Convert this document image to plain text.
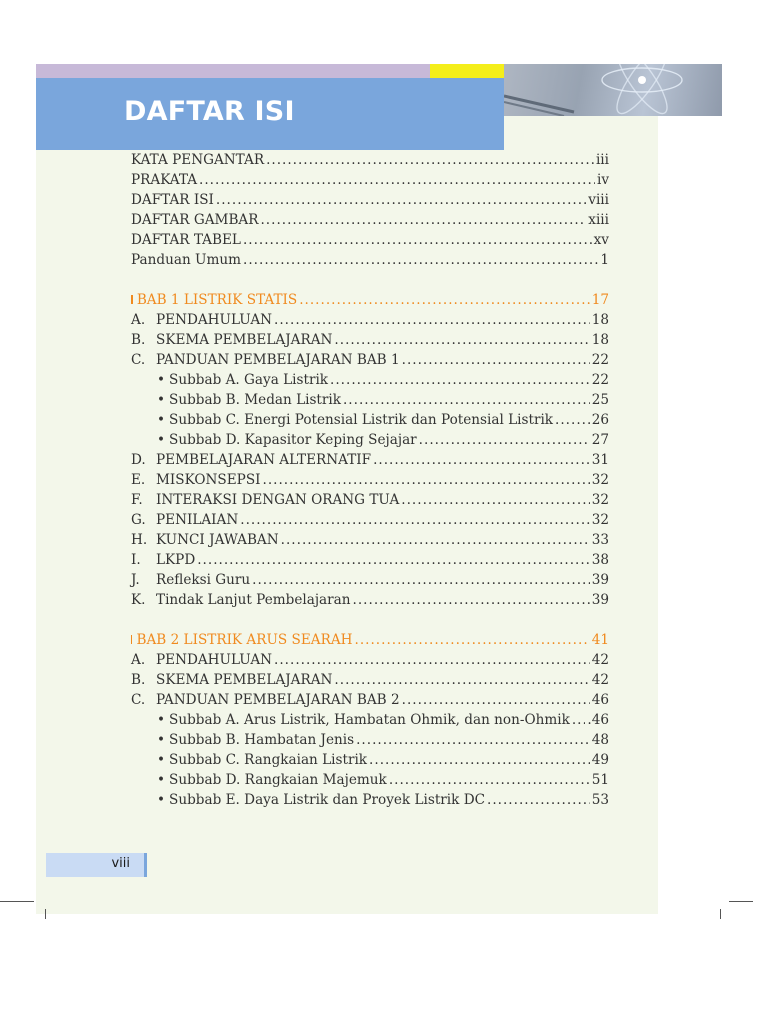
DAFTAR ISI
KATA PENGANTAR .....	iii
PRAKATA .....	iv
DAFTAR ISI .....	viii
DAFTAR GAMBAR .....	xiii
DAFTAR TABEL .....	xv
Panduan Umum .....	1
BAB 1 LISTRIK STATIS .....	17
A. PENDAHULUAN .....	18
B. SKEMA PEMBELAJARAN .....	18
C. PANDUAN PEMBELAJARAN BAB 1 .....	22
• Subbab A. Gaya Listrik .....	22
• Subbab B. Medan Listrik .....	25
• Subbab C. Energi Potensial Listrik dan Potensial Listrik .....	26
• Subbab D. Kapasitor Keping Sejajar .....	27
D. PEMBELAJARAN ALTERNATIF .....	31
E. MISKONSEPSI .....	32
F. INTERAKSI DENGAN ORANG TUA .....	32
G. PENILAIAN .....	32
H. KUNCI JAWABAN .....	33
I.	LKPD .....	38
J.	Refleksi Guru .....	39
K. Tindak Lanjut Pembelajaran .....	39
BAB 2 LISTRIK ARUS SEARAH .....	41
A. PENDAHULUAN .....	42
B. SKEMA PEMBELAJARAN .....	42
C. PANDUAN PEMBELAJARAN BAB 2 .....	46
• Subbab A. Arus Listrik, Hambatan Ohmik, dan non-Ohmik ..... .46
• Subbab B. Hambatan Jenis .....	48
• Subbab C. Rangkaian Listrik .....	49
• Subbab D. Rangkaian Majemuk .....	51
• Subbab E. Daya Listrik dan Proyek Listrik DC .....	53
viii
